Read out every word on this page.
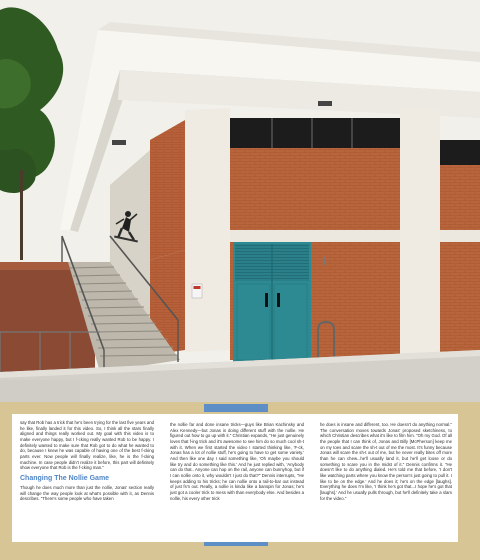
say that Rob has a trick that he's been trying for the last five years and he like, finally landed it for this video. So, I think all the stars finally aligned and things really worked out. My goal with this video is to make everyone happy, but I f-cking really wanted Rob to be happy. I definitely wanted to make sure that Rob got to do what he wanted to do, because I knew he was capable of having one of the best f-cking parts ever. Now people will finally realize, like, he is the f-cking machine. In case people didn't realize it before, this part will definitely show everyone that Rob is the f-cking man."

Changing The Nollie Game

Though he does much more than just the nollie, Jonas' section really will change the way people look at what's possible with it, as Dennis describes. "There's some people who have taken

the nollie far and done insane tricks—guys like Brian Kachinsky and Alex Kennedy—but Jonas is doing different stuff with the nollie. He figured out how to go up with it." Christian expands, "He just genuinely loves that f-ing trick and it's awesome to see him do so much cool sh-t with it. When we first started the video I started thinking like, 'F-ck, Jonas has a lot of nollie stuff, he's going to have to get some variety.' And then like one day I said something like, 'Oh maybe you should like try and do something like this.' And he just replied with, 'Anybody can do that.. Anyone can hop on the rail, anyone can bunnyhop, but if I can nollie onto it, why wouldn't I just do that?" Dennis interrupts, "He keeps adding to his tricks; he can nollie onto a rail-to-bar out instead of just fs'n out. Really, a nollie is kinda like a banspin for Jonas; he's just got a cooler trick to mess with than everybody else. And besides a nollie, his every other trick

he does is insane and different, too. He doesn't do anything normal." The conversation moves towards Jonas' proposed sketchiness, to which Christian describes what it's like to film him. "Oh my God. Of all the people that I can think of, Jonas and Billy [McPherson] keep me on my toes and scare the sh-t out of me the most. It's funny because Jonas will scare the sh-t out of me, but he never really bites off more than he can chew...he'll usually land it, but he'll get loose or do something to scare you in the midst of it." Dennis confirms it. "He doesn't like to do anything dialed. He's told me that before, 'I don't like watching parts where you know the person's just going to pull it. I like to be on the edge.' And he does it; he's on the edge [laughs]. Everything he does I'm like, 'I think he's got that...I hope he's got that [laughs].' And he usually pulls through, but he'll definitely take a slam for the video."
